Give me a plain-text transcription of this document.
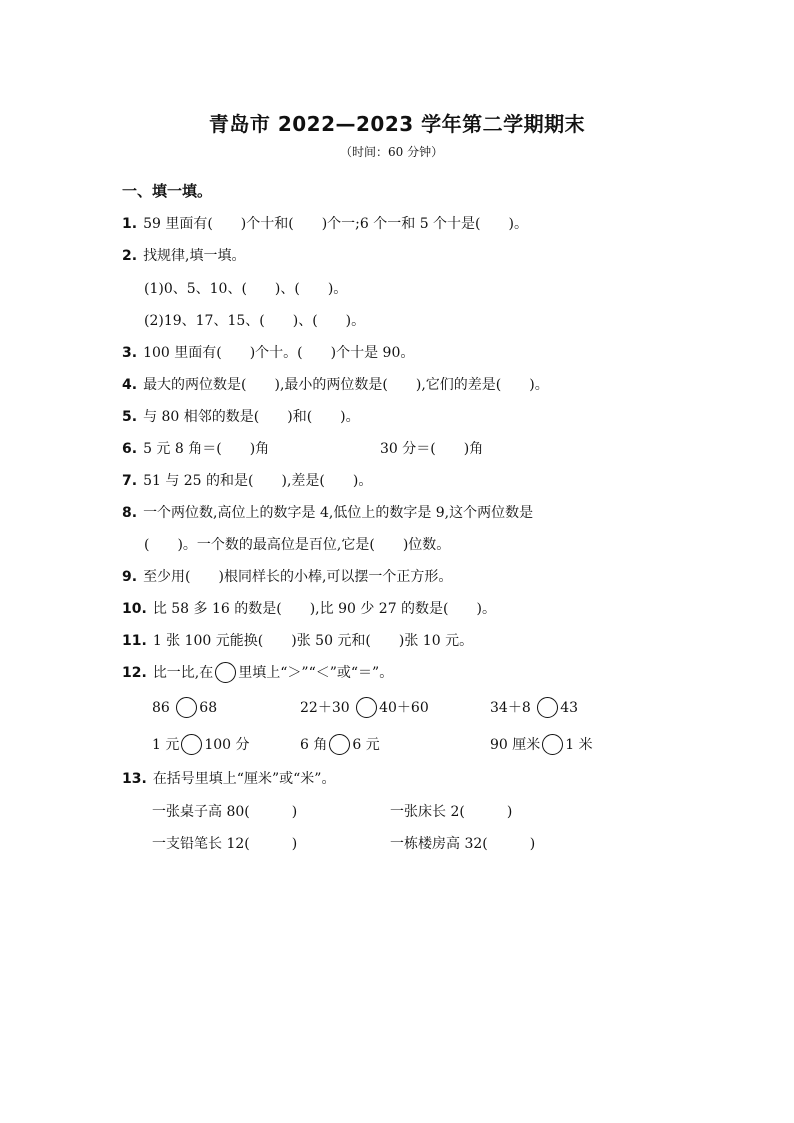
青岛市 2022—2023 学年第二学期期末
（时间：60 分钟）
一、填一填。
1. 59 里面有(　　)个十和(　　)个一;6 个一和 5 个十是(　　)。
2. 找规律,填一填。
(1)0、5、10、(　　)、(　　)。
(2)19、17、15、(　　)、(　　)。
3. 100 里面有(　　)个十。(　　)个十是 90。
4. 最大的两位数是(　　),最小的两位数是(　　),它们的差是(　　)。
5. 与 80 相邻的数是(　　)和(　　)。
6. 5 元 8 角＝(　　)角	30 分＝(　　)角
7. 51 与 25 的和是(　　),差是(　　)。
8. 一个两位数,高位上的数字是 4,低位上的数字是 9,这个两位数是
(　　)。一个数的最高位是百位,它是(　　)位数。
9. 至少用(　　)根同样长的小棒,可以摆一个正方形。
10. 比 58 多 16 的数是(　　),比 90 少 27 的数是(　　)。
11. 1 张 100 元能换(　　)张 50 元和(　　)张 10 元。
12. 比一比,在 里填上“＞”“＜”或“＝”。
86 68	22＋30 40＋60	34＋8 43
1 元 100 分	6 角 6 元	90 厘米 1 米
13. 在括号里填上“厘米”或“米”。
一张桌子高 80(　　　)	一张床长 2(　　　)
一支铅笔长 12(　　　)	一栋楼房高 32(　　　)
